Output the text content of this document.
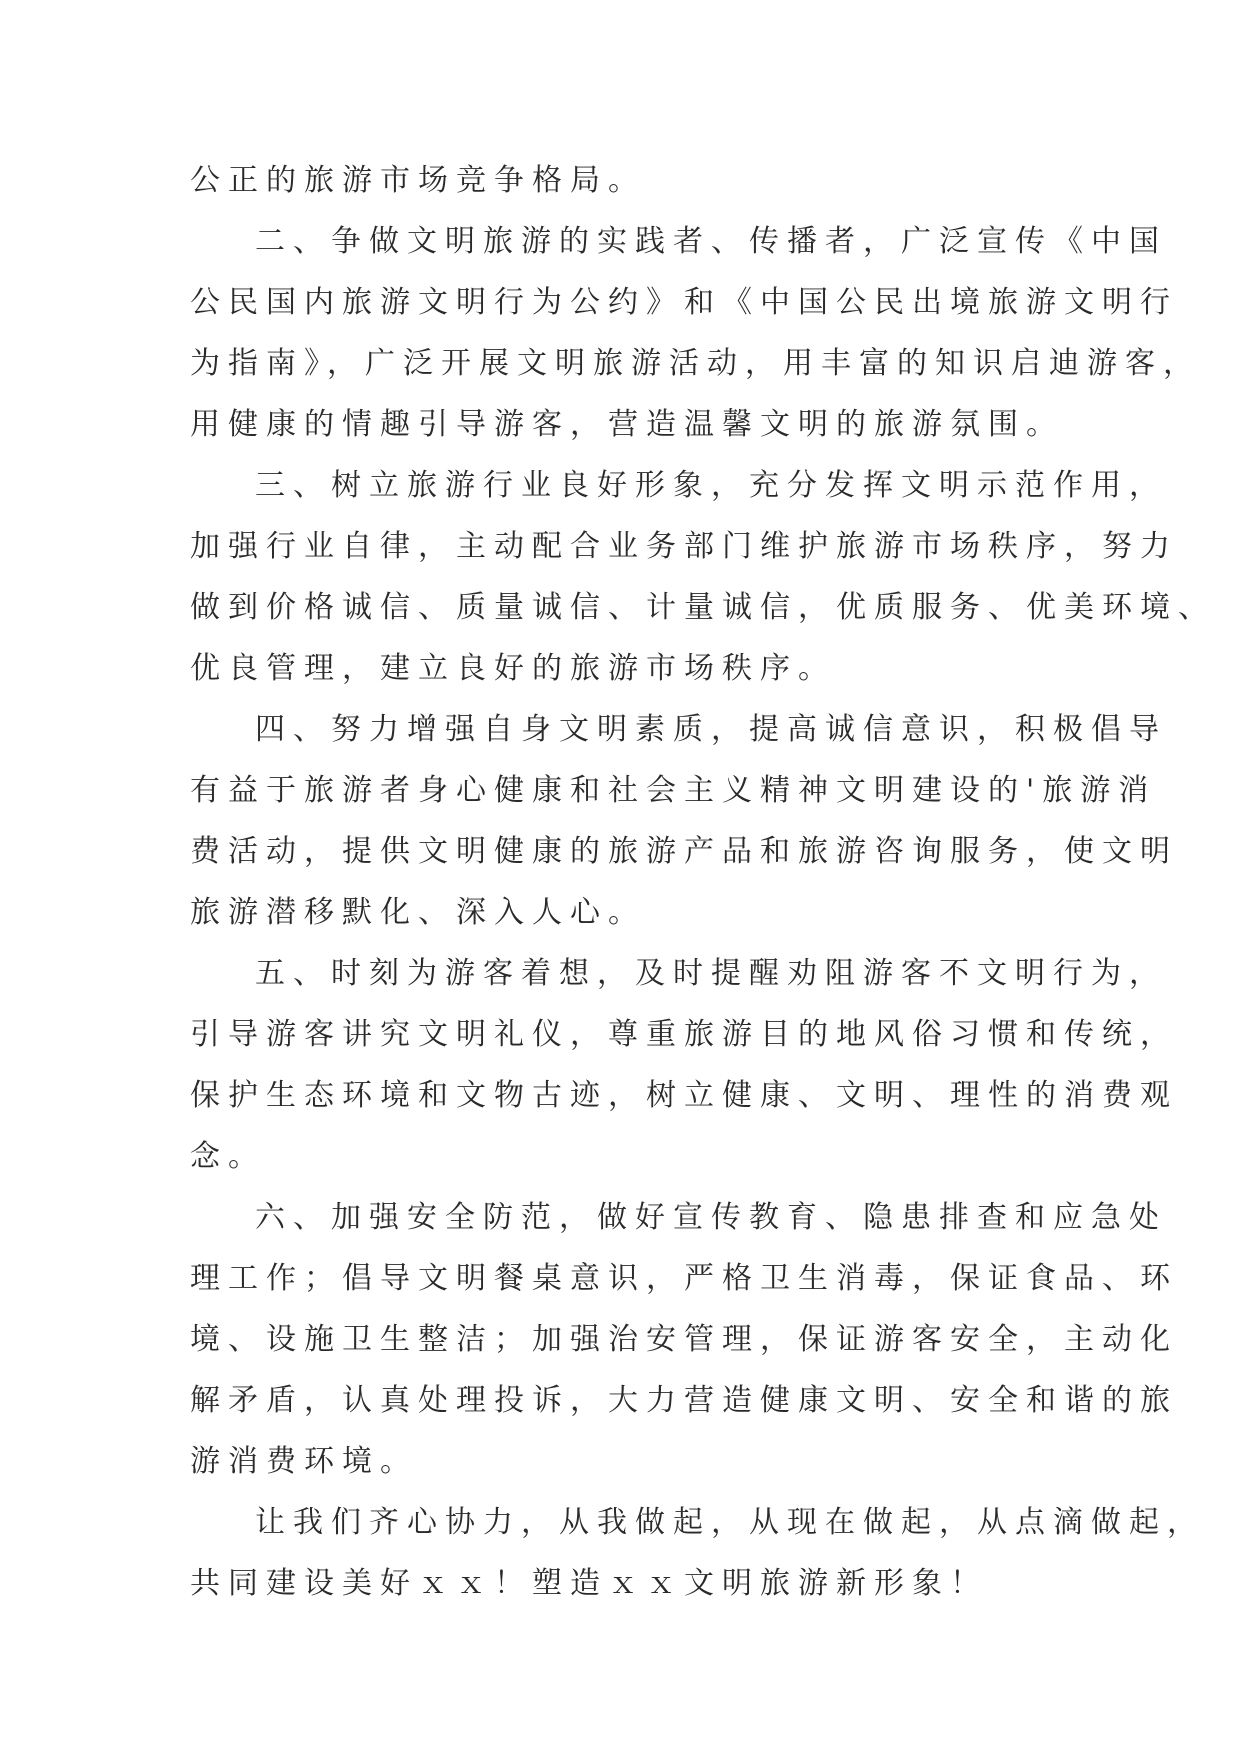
公正的旅游市场竞争格局。
二、争做文明旅游的实践者、传播者，广泛宣传《中国
公民国内旅游文明行为公约》和《中国公民出境旅游文明行
为指南》，广泛开展文明旅游活动，用丰富的知识启迪游客，
用健康的情趣引导游客，营造温馨文明的旅游氛围。
三、树立旅游行业良好形象，充分发挥文明示范作用，
加强行业自律，主动配合业务部门维护旅游市场秩序，努力
做到价格诚信、质量诚信、计量诚信，优质服务、优美环境、
优良管理，建立良好的旅游市场秩序。
四、努力增强自身文明素质，提高诚信意识，积极倡导
有益于旅游者身心健康和社会主义精神文明建设的'旅游消
费活动，提供文明健康的旅游产品和旅游咨询服务，使文明
旅游潜移默化、深入人心。
五、时刻为游客着想，及时提醒劝阻游客不文明行为，
引导游客讲究文明礼仪，尊重旅游目的地风俗习惯和传统，
保护生态环境和文物古迹，树立健康、文明、理性的消费观
念。
六、加强安全防范，做好宣传教育、隐患排查和应急处
理工作；倡导文明餐桌意识，严格卫生消毒，保证食品、环
境、设施卫生整洁；加强治安管理，保证游客安全，主动化
解矛盾，认真处理投诉，大力营造健康文明、安全和谐的旅
游消费环境。
让我们齐心协力，从我做起，从现在做起，从点滴做起，
共同建设美好ｘｘ！塑造ｘｘ文明旅游新形象！
